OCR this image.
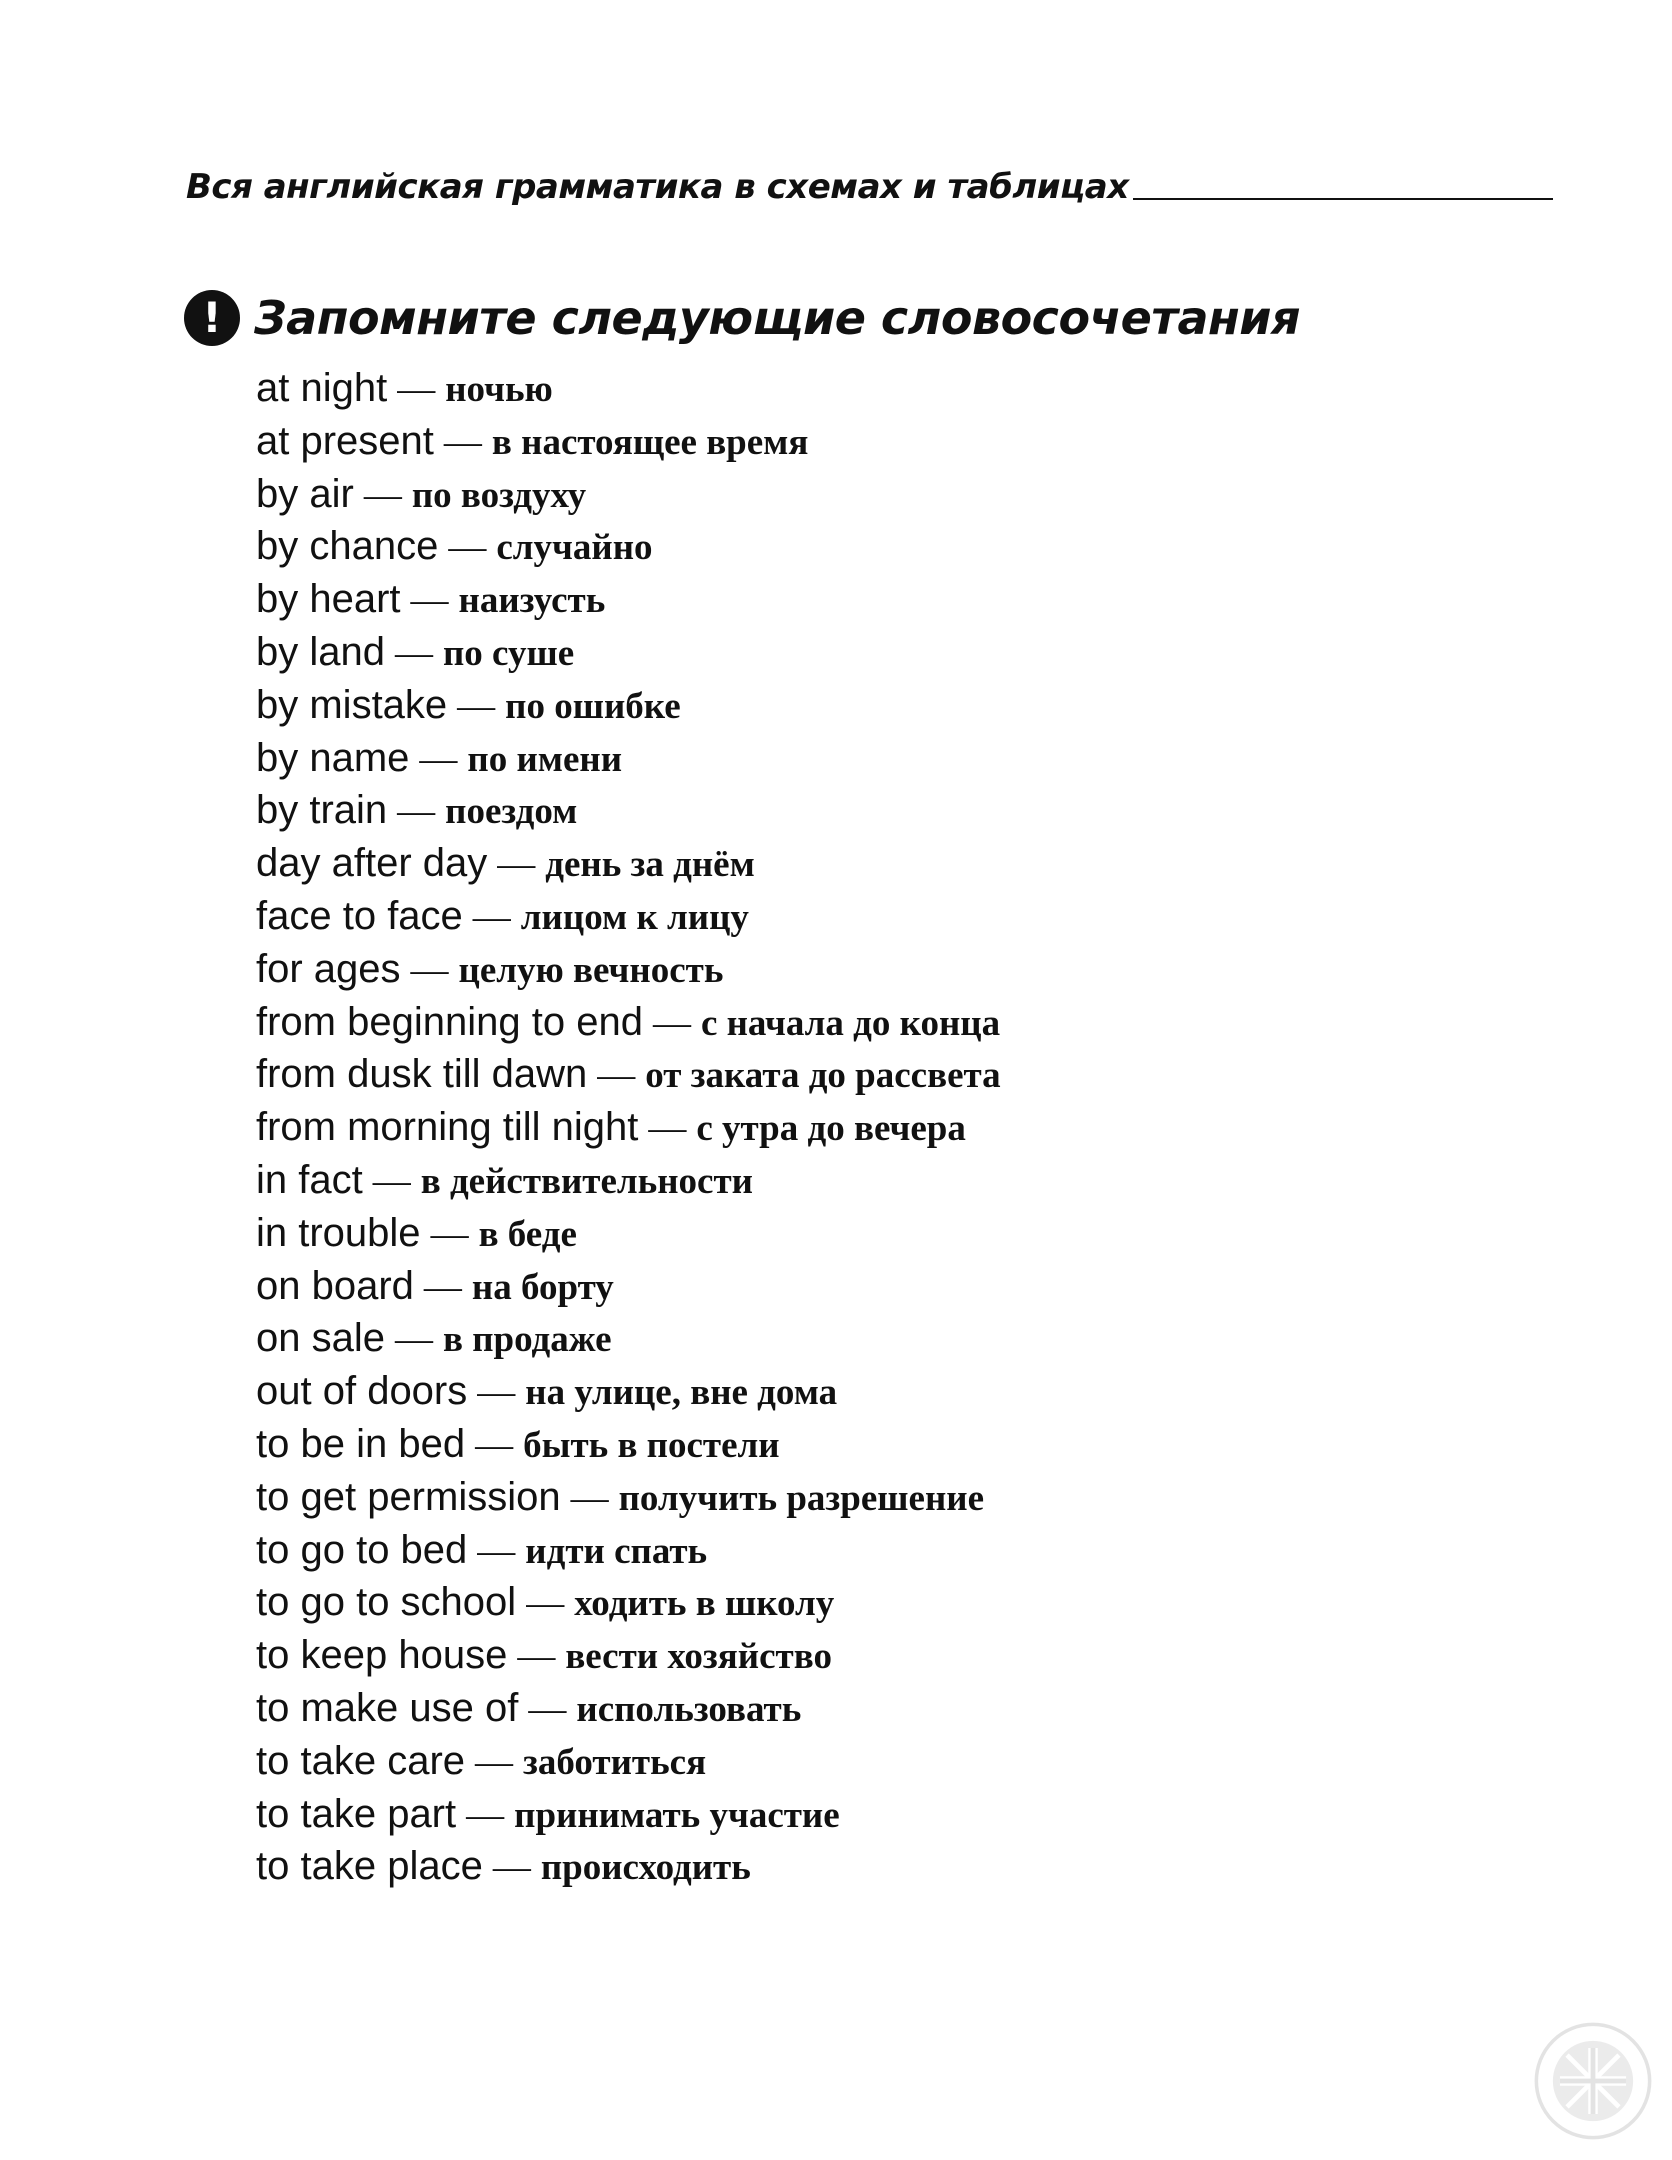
Вся английская грамматика в схемах и таблицах
! Запомните следующие словосочетания
at night — ночью
at present — в настоящее время
by air — по воздуху
by chance — случайно
by heart — наизусть
by land — по суше
by mistake — по ошибке
by name — по имени
by train — поездом
day after day — день за днём
face to face — лицом к лицу
for ages — целую вечность
from beginning to end — с начала до конца
from dusk till dawn — от заката до рассвета
from morning till night — с утра до вечера
in fact — в действительности
in trouble — в беде
on board — на борту
on sale — в продаже
out of doors — на улице, вне дома
to be in bed — быть в постели
to get permission — получить разрешение
to go to bed — идти спать
to go to school — ходить в школу
to keep house — вести хозяйство
to make use of — использовать
to take care — заботиться
to take part — принимать участие
to take place — происходить
